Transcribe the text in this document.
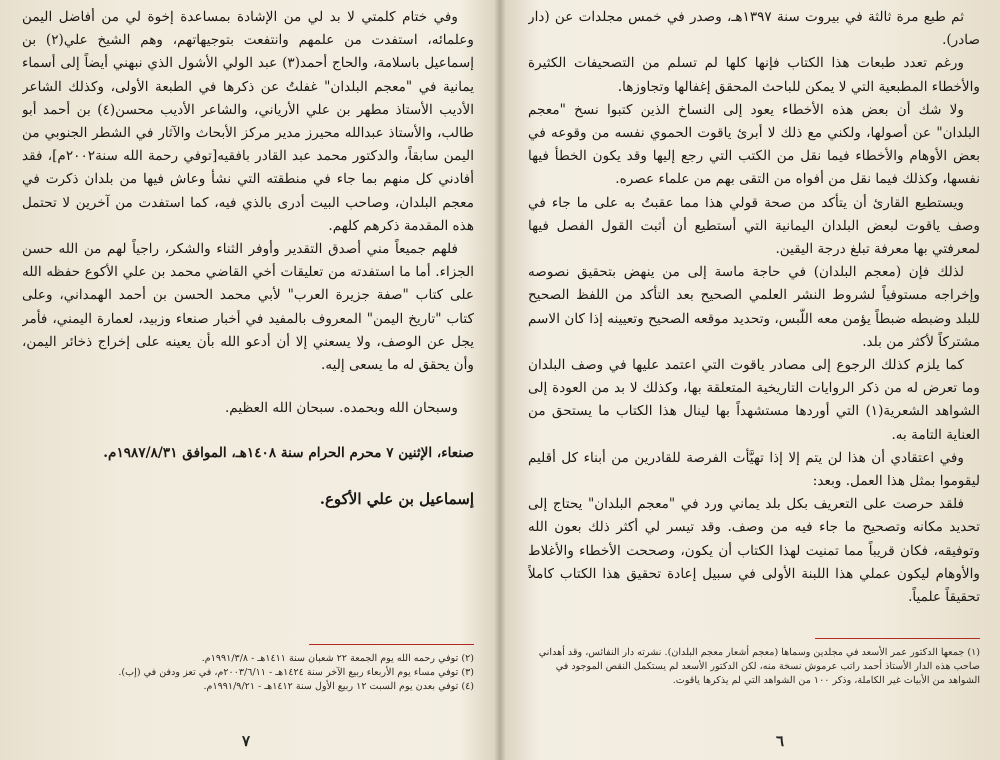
وفي ختام كلمتي لا بد لي من الإشادة بمساعدة إخوة لي من أفاضل اليمن وعلمائه، استفدت من علمهم وانتفعت بتوجيهاتهم، وهم الشيخ علي(٢) بن إسماعيل باسلامة، والحاج أحمد(٣) عبد الولي الأشول الذي نبهني أيضاً إلى أسماء يمانية في "معجم البلدان" غفلتُ عن ذكرها في الطبعة الأولى، وكذلك الشاعر الأديب الأستاذ مطهر بن علي الأرياني، والشاعر الأديب محسن(٤) بن أحمد أبو طالب، والأستاذ عبدالله محيرز مدير مركز الأبحاث والآثار في الشطر الجنوبي من اليمن سابقاً، والدكتور محمد عبد القادر بافقيه[توفي رحمة الله سنة٢٠٠٢م]، فقد أفادني كل منهم بما جاء في منطقته التي نشأ وعاش فيها من بلدان ذكرت في معجم البلدان، وصاحب البيت أدرى بالذي فيه، كما استفدت من آخرين لا تحتمل هذه المقدمة ذكرهم كلهم.

فلهم جميعاً مني أصدق التقدير وأوفر الثناء والشكر، راجياً لهم من الله حسن الجزاء. أما ما استفدته من تعليقات أخي القاضي محمد بن علي الأكوع حفظه الله على كتاب "صفة جزيرة العرب" لأبي محمد الحسن بن أحمد الهمداني، وعلى كتاب "تاريخ اليمن" المعروف بالمفيد في أخبار صنعاء وزبيد، لعمارة اليمني، فأمر يجل عن الوصف، ولا يسعني إلا أن أدعو الله بأن يعينه على إخراج ذخائر اليمن، وأن يحقق له ما يسعى إليه.

وسبحان الله وبحمده. سبحان الله العظيم.

صنعاء، الإثنين ٧ محرم الحرام سنة ١٤٠٨هـ، الموافق ١٩٨٧/٨/٣١م.

إسماعيل بن علي الأكوع.

(٢) توفي رحمه الله يوم الجمعة ٢٢ شعبان سنة ١٤١١هـ - ١٩٩١/٣/٨م.
(٣) توفي مساء يوم الأربعاء ربيع الآخر سنة ١٤٢٤هـ - ٢٠٠٣/٦/١١م، في تعز ودفن في (إب).
(٤) توفي بعدن يوم السبت ١٢ ربيع الأول سنة ١٤١٢هـ - ١٩٩١/٩/٢١م.
٧

ثم طبع مرة ثالثة في بيروت سنة ١٣٩٧هـ، وصدر في خمس مجلدات عن (دار صادر).

ورغم تعدد طبعات هذا الكتاب فإنها كلها لم تسلم من التصحيفات الكثيرة والأخطاء المطبعية التي لا يمكن للباحث المحقق إغفالها وتجاوزها.

ولا شك أن بعض هذه الأخطاء يعود إلى النساخ الذين كتبوا نسخ "معجم البلدان" عن أصولها، ولكني مع ذلك لا أبرئ ياقوت الحموي نفسه من وقوعه في بعض الأوهام والأخطاء فيما نقل من الكتب التي رجع إليها وقد يكون الخطأ فيها نفسها، وكذلك فيما نقل من أفواه من التقى بهم من علماء عصره.

ويستطيع القارئ أن يتأكد من صحة قولي هذا مما عقبتُ به على ما جاء في وصف ياقوت لبعض البلدان اليمانية التي أستطيع أن أثبت القول الفصل فيها لمعرفتي بها معرفة تبلغ درجة اليقين.

لذلك فإن (معجم البلدان) في حاجة ماسة إلى من ينهض بتحقيق نصوصه وإخراجه مستوفياً لشروط النشر العلمي الصحيح بعد التأكد من اللفظ الصحيح للبلد وضبطه ضبطاً يؤمن معه اللّبس، وتحديد موقعه الصحيح وتعيينه إذا كان الاسم مشتركاً لأكثر من بلد.

كما يلزم كذلك الرجوع إلى مصادر ياقوت التي اعتمد عليها في وصف البلدان وما تعرض له من ذكر الروايات التاريخية المتعلقة بها، وكذلك لا بد من العودة إلى الشواهد الشعرية(١) التي أوردها مستشهداً بها لينال هذا الكتاب ما يستحق من العناية التامة به.

وفي اعتقادي أن هذا لن يتم إلا إذا تهيَّأت الفرصة للقادرين من أبناء كل أقليم ليقوموا بمثل هذا العمل. وبعد:

فلقد حرصت على التعريف بكل بلد يماني ورد في "معجم البلدان" يحتاج إلى تحديد مكانه وتصحيح ما جاء فيه من وصف. وقد تيسر لي أكثر ذلك بعون الله وتوفيقه، فكان قريباً مما تمنيت لهذا الكتاب أن يكون، وصححت الأخطاء والأغلاط والأوهام ليكون عملي هذا اللبنة الأولى في سبيل إعادة تحقيق هذا الكتاب كاملاً تحقيقاً علمياً.

(١) جمعها الدكتور عمر الأسعد في مجلدين وسماها (معجم أشعار معجم البلدان). نشرته دار النفائس، وقد أهداني صاحب هذه الدار الأستاذ أحمد راتب عرموش نسخة منه، لكن الدكتور الأسعد لم يستكمل النقص الموجود في الشواهد من الأبيات غير الكاملة، وذكر ١٠٠ من الشواهد التي لم يذكرها ياقوت.
٦
